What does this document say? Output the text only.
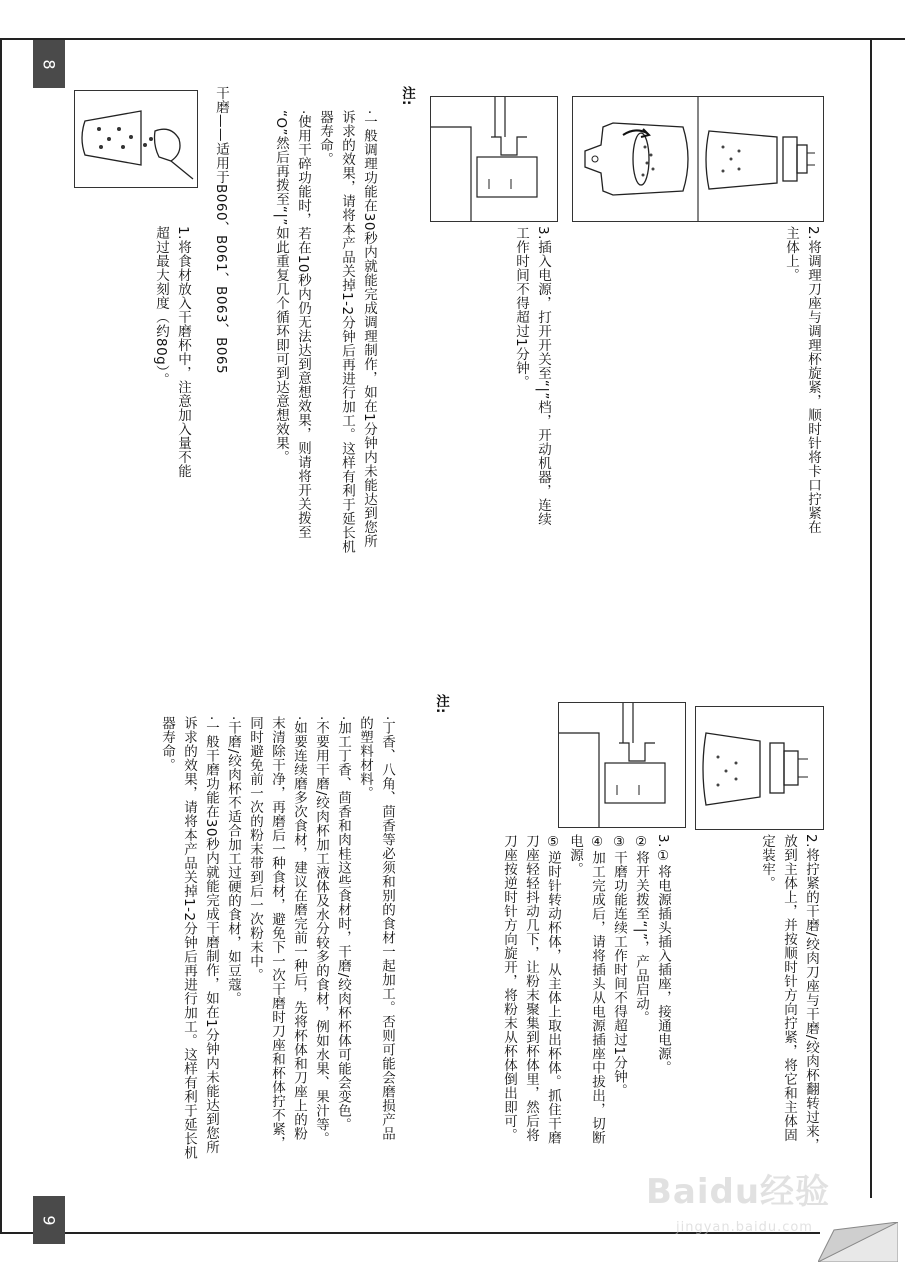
8
9
2.将调理刀座与调理杯旋紧，顺时针将卡口拧紧在
主体上。
3.插入电源，打开开关至“|”档，开动机器，连续
工作时间不得超过1分钟。
注:
·一般调理功能在30秒内就能完成调理制作，如在1分钟内未能达到您所
诉求的效果，请将本产品关掉1-2分钟后再进行加工。这样有利于延长机
器寿命。
·使用干碎功能时，若在10秒内仍无法达到意想效果，则请将开关拨至
“O”然后再拨至“|”如此重复几个循环即可到达意想效果。
干磨——适用于B060、B061、B063、B065
1.将食材放入干磨杯中，注意加入量不能
超过最大刻度（约80g）。
2.将拧紧的干磨/绞肉刀座与干磨/绞肉杯翻转过来，
放到主体上，并按顺时针方向拧紧，将它和主体固
定装牢。
3.①将电源插头插入插座，接通电源。
②将开关拨至“|”，产品启动。
③干磨功能连续工作时间不得超过1分钟。
④加工完成后，请将插头从电源插座中拔出，切断
电源。
⑤逆时针转动杯体，从主体上取出杯体。抓住干磨
刀座轻轻抖动几下，让粉末聚集到杯体里，然后将
刀座按逆时针方向旋开，将粉末从杯体倒出即可。
注:
·丁香、八角、茴香等必须和别的食材一起加工。否则可能会磨损产品
的塑料材料。
·加工丁香、茴香和肉桂这些食材时，干磨/绞肉杯杯体可能会变色。
·不要用干磨/绞肉杯加工液体及水分较多的食材，例如水果、果汁等。
·如要连续磨多次食材，建议在磨完前一种后，先将杯体和刀座上的粉
末清除干净，再磨后一种食材，避免下一次干磨时刀座和杯体拧不紧，
同时避免前一次的粉末带到后一次粉末中。
·干磨/绞肉杯不适合加工过硬的食材，如豆蔻。
·一般干磨功能在30秒内就能完成干磨制作，如在1分钟内未能达到您所
诉求的效果，请将本产品关掉1-2分钟后再进行加工。这样有利于延长机
器寿命。
Baidu经验
jingyan.baidu.com
